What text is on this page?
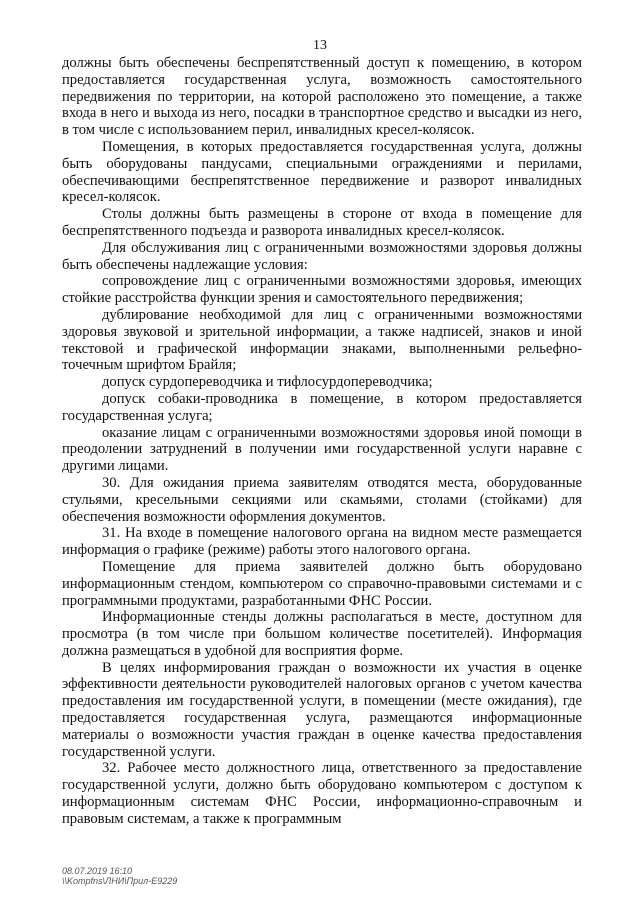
13

должны быть обеспечены беспрепятственный доступ к помещению, в котором предоставляется государственная услуга, возможность самостоятельного передвижения по территории, на которой расположено это помещение, а также входа в него и выхода из него, посадки в транспортное средство и высадки из него, в том числе с использованием перил, инвалидных кресел-колясок.

Помещения, в которых предоставляется государственная услуга, должны быть оборудованы пандусами, специальными ограждениями и перилами, обеспечивающими беспрепятственное передвижение и разворот инвалидных кресел-колясок.

Столы должны быть размещены в стороне от входа в помещение для беспрепятственного подъезда и разворота инвалидных кресел-колясок.

Для обслуживания лиц с ограниченными возможностями здоровья должны быть обеспечены надлежащие условия:

сопровождение лиц с ограниченными возможностями здоровья, имеющих стойкие расстройства функции зрения и самостоятельного передвижения;

дублирование необходимой для лиц с ограниченными возможностями здоровья звуковой и зрительной информации, а также надписей, знаков и иной текстовой и графической информации знаками, выполненными рельефно-точечным шрифтом Брайля;

допуск сурдопереводчика и тифлосурдопереводчика;

допуск собаки-проводника в помещение, в котором предоставляется государственная услуга;

оказание лицам с ограниченными возможностями здоровья иной помощи в преодолении затруднений в получении ими государственной услуги наравне с другими лицами.

30. Для ожидания приема заявителям отводятся места, оборудованные стульями, кресельными секциями или скамьями, столами (стойками) для обеспечения возможности оформления документов.

31. На входе в помещение налогового органа на видном месте размещается информация о графике (режиме) работы этого налогового органа.

Помещение для приема заявителей должно быть оборудовано информационным стендом, компьютером со справочно-правовыми системами и с программными продуктами, разработанными ФНС России.

Информационные стенды должны располагаться в месте, доступном для просмотра (в том числе при большом количестве посетителей). Информация должна размещаться в удобной для восприятия форме.

В целях информирования граждан о возможности их участия в оценке эффективности деятельности руководителей налоговых органов с учетом качества предоставления им государственной услуги, в помещении (месте ожидания), где предоставляется государственная услуга, размещаются информационные материалы о возможности участия граждан в оценке качества предоставления государственной услуги.

32. Рабочее место должностного лица, ответственного за предоставление государственной услуги, должно быть оборудовано компьютером с доступом к информационным системам ФНС России, информационно-справочным и правовым системам, а также к программным

08.07.2019 16:10
\\Kompfns\ЛНИ\Прил-Е9229
